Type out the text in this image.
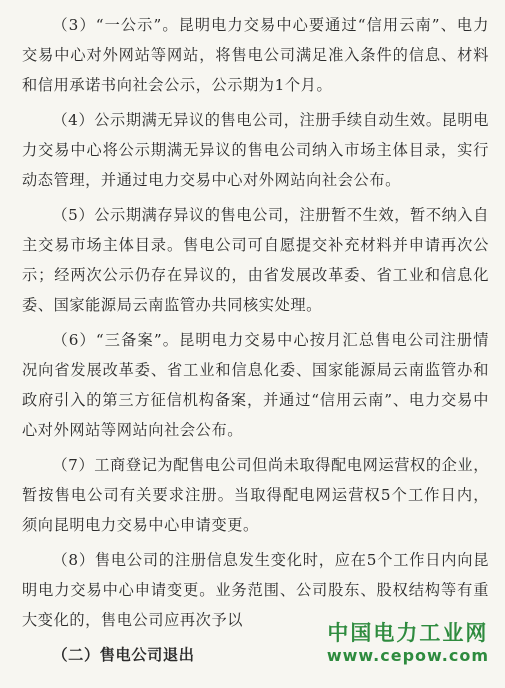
（3）“一公示”。昆明电力交易中心要通过“信用云南”、电力交易中心对外网站等网站，将售电公司满足准入条件的信息、材料和信用承诺书向社会公示，公示期为1个月。

（4）公示期满无异议的售电公司，注册手续自动生效。昆明电力交易中心将公示期满无异议的售电公司纳入市场主体目录，实行动态管理，并通过电力交易中心对外网站向社会公布。

（5）公示期满存异议的售电公司，注册暂不生效，暂不纳入自主交易市场主体目录。售电公司可自愿提交补充材料并申请再次公示；经两次公示仍存在异议的，由省发展改革委、省工业和信息化委、国家能源局云南监管办共同核实处理。

（6）“三备案”。昆明电力交易中心按月汇总售电公司注册情况向省发展改革委、省工业和信息化委、国家能源局云南监管办和政府引入的第三方征信机构备案，并通过“信用云南”、电力交易中心对外网站等网站向社会公布。

（7）工商登记为配售电公司但尚未取得配电网运营权的企业，暂按售电公司有关要求注册。当取得配电网运营权5个工作日内，须向昆明电力交易中心申请变更。

（8）售电公司的注册信息发生变化时，应在5个工作日内向昆明电力交易中心申请变更。业务范围、公司股东、股权结构等有重大变化的，售电公司应再次予以

（二）售电公司退出

中国电力工业网
www.cepow.com
